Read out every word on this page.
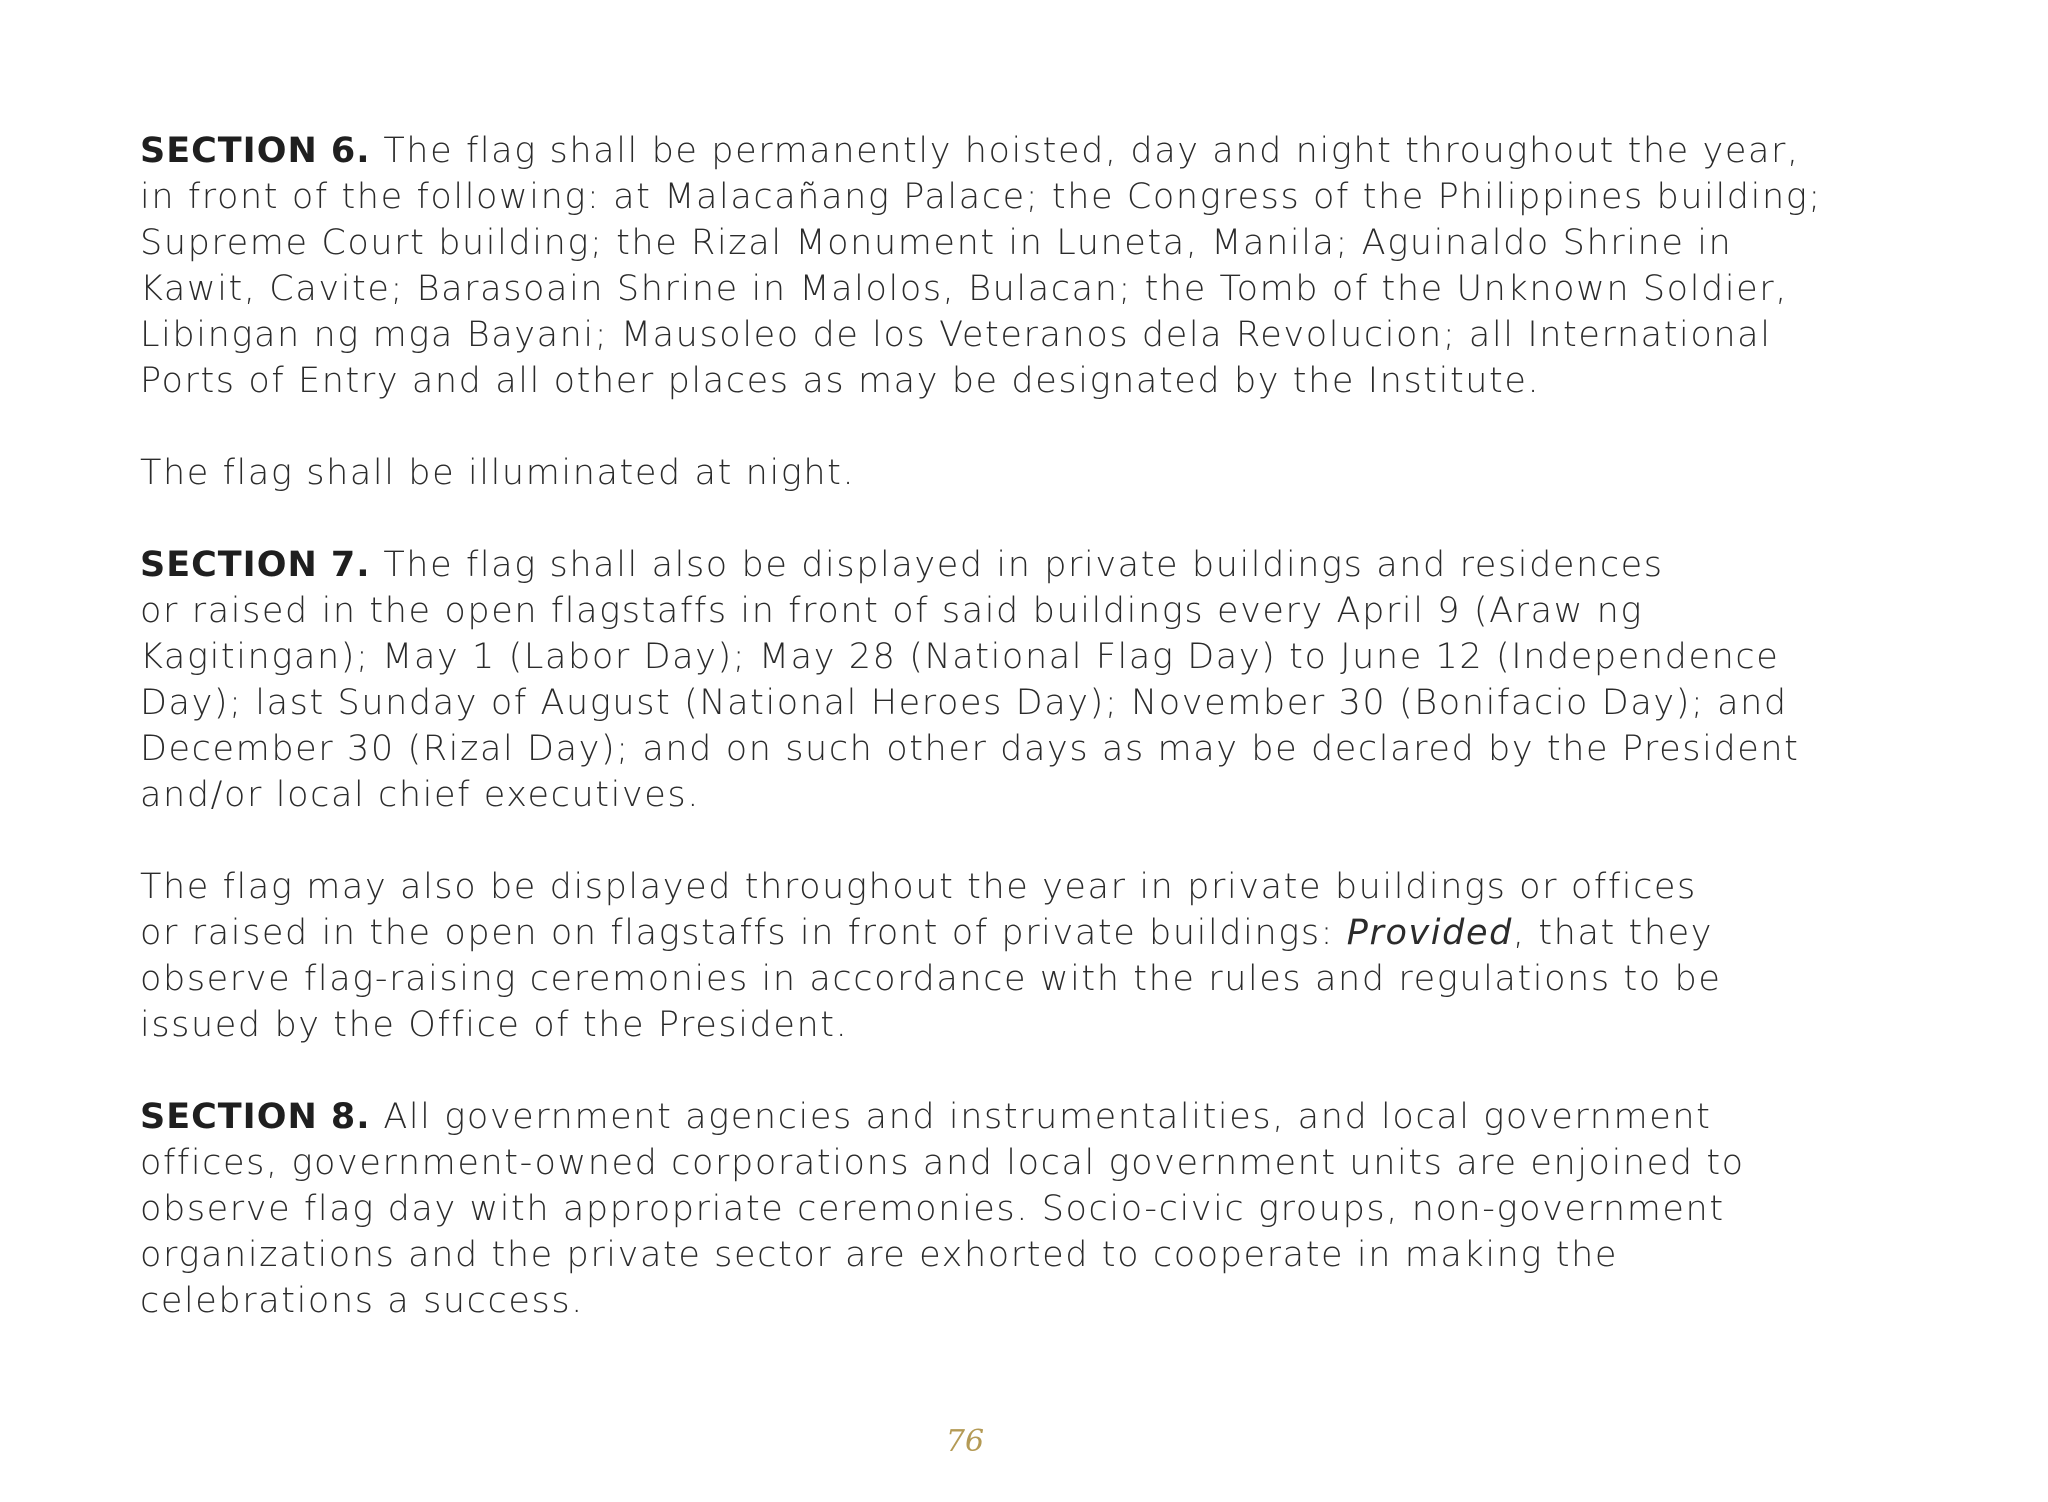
SECTION 6. The flag shall be permanently hoisted, day and night throughout the year,
in front of the following: at Malacañang Palace; the Congress of the Philippines building;
Supreme Court building; the Rizal Monument in Luneta, Manila; Aguinaldo Shrine in
Kawit, Cavite; Barasoain Shrine in Malolos, Bulacan; the Tomb of the Unknown Soldier,
Libingan ng mga Bayani; Mausoleo de los Veteranos dela Revolucion; all International
Ports of Entry and all other places as may be designated by the Institute.
The flag shall be illuminated at night.
SECTION 7. The flag shall also be displayed in private buildings and residences
or raised in the open flagstaffs in front of said buildings every April 9 (Araw ng
Kagitingan); May 1 (Labor Day); May 28 (National Flag Day) to June 12 (Independence
Day); last Sunday of August (National Heroes Day); November 30 (Bonifacio Day); and
December 30 (Rizal Day); and on such other days as may be declared by the President
and/or local chief executives.
The flag may also be displayed throughout the year in private buildings or offices
or raised in the open on flagstaffs in front of private buildings: Provided, that they
observe flag-raising ceremonies in accordance with the rules and regulations to be
issued by the Office of the President.
SECTION 8. All government agencies and instrumentalities, and local government
offices, government-owned corporations and local government units are enjoined to
observe flag day with appropriate ceremonies. Socio-civic groups, non-government
organizations and the private sector are exhorted to cooperate in making the
celebrations a success.
76
